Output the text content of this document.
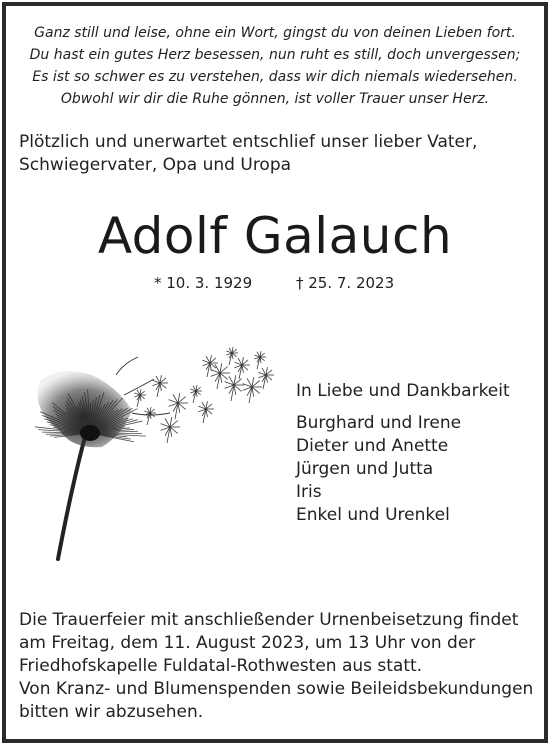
Ganz still und leise, ohne ein Wort, gingst du von deinen Lieben fort.
Du hast ein gutes Herz besessen, nun ruht es still, doch unvergessen;
Es ist so schwer es zu verstehen, dass wir dich niemals wiedersehen.
Obwohl wir dir die Ruhe gönnen, ist voller Trauer unser Herz.
Plötzlich und unerwartet entschlief unser lieber Vater,
Schwiegervater, Opa und Uropa
Adolf Galauch
* 10. 3. 1929	† 25. 7. 2023
In Liebe und Dankbarkeit
Burghard und Irene
Dieter und Anette
Jürgen und Jutta
Iris
Enkel und Urenkel
Die Trauerfeier mit anschließender Urnenbeisetzung findet
am Freitag, dem 11. August 2023, um 13 Uhr von der
Friedhofskapelle Fuldatal-Rothwesten aus statt.
Von Kranz- und Blumenspenden sowie Beileidsbekundungen
bitten wir abzusehen.
